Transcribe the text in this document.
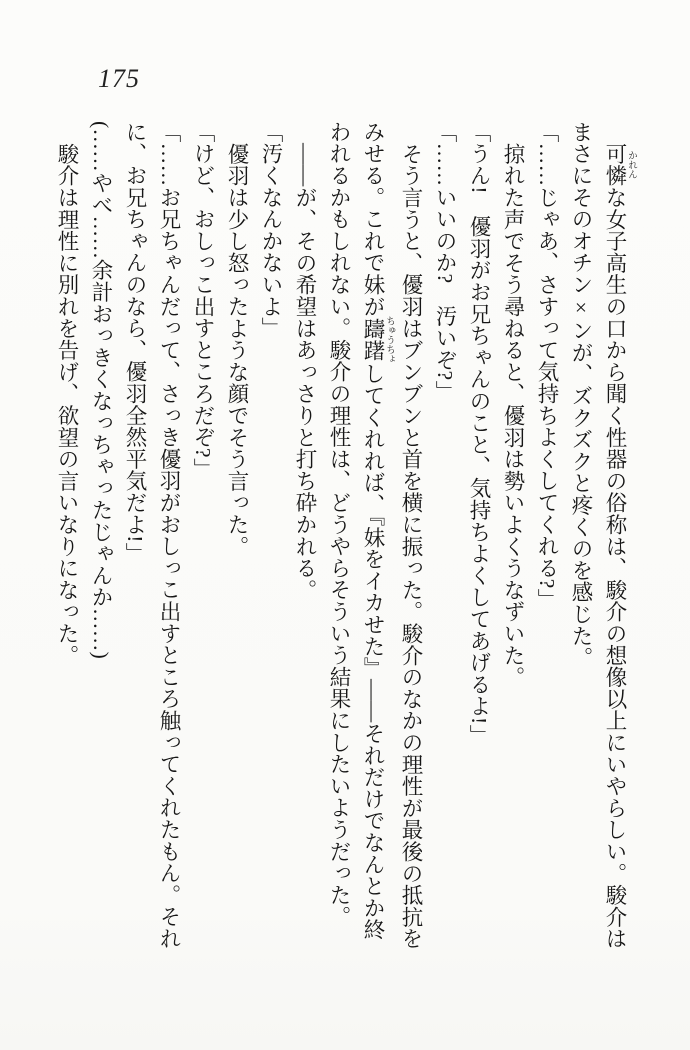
175

可憐 かれんな女子高生の口から聞く性器の俗称は、駿介の想像以上にいやらしい。駿介は

まさにそのオチン×ンが、ズクズクと疼くのを感じた。

「……じゃあ、さすって気持ちよくしてくれる?」

掠れた声でそう尋ねると、優羽は勢いよくうなずいた。

「うん!　優羽がお兄ちゃんのこと、気持ちよくしてあげるよ!」

「……いいのか?　汚いぞ?」

そう言うと、優羽はブンブンと首を横に振った。駿介のなかの理性が最後の抵抗を

みせる。これで妹が躊躇 ちゅうちょしてくれれば、『妹をイカせた』――それだけでなんとか終

われるかもしれない。駿介の理性は、どうやらそういう結果にしたいようだった。

――が、その希望はあっさりと打ち砕かれる。

「汚くなんかないよ」

優羽は少し怒ったような顔でそう言った。

「けど、おしっこ出すところだぞ?」

「……お兄ちゃんだって、さっき優羽がおしっこ出すところ触ってくれたもん。それ

に、お兄ちゃんのなら、優羽全然平気だよ!」

(……やべ……余計おっきくなっちゃったじゃんか……)

駿介は理性に別れを告げ、欲望の言いなりになった。
